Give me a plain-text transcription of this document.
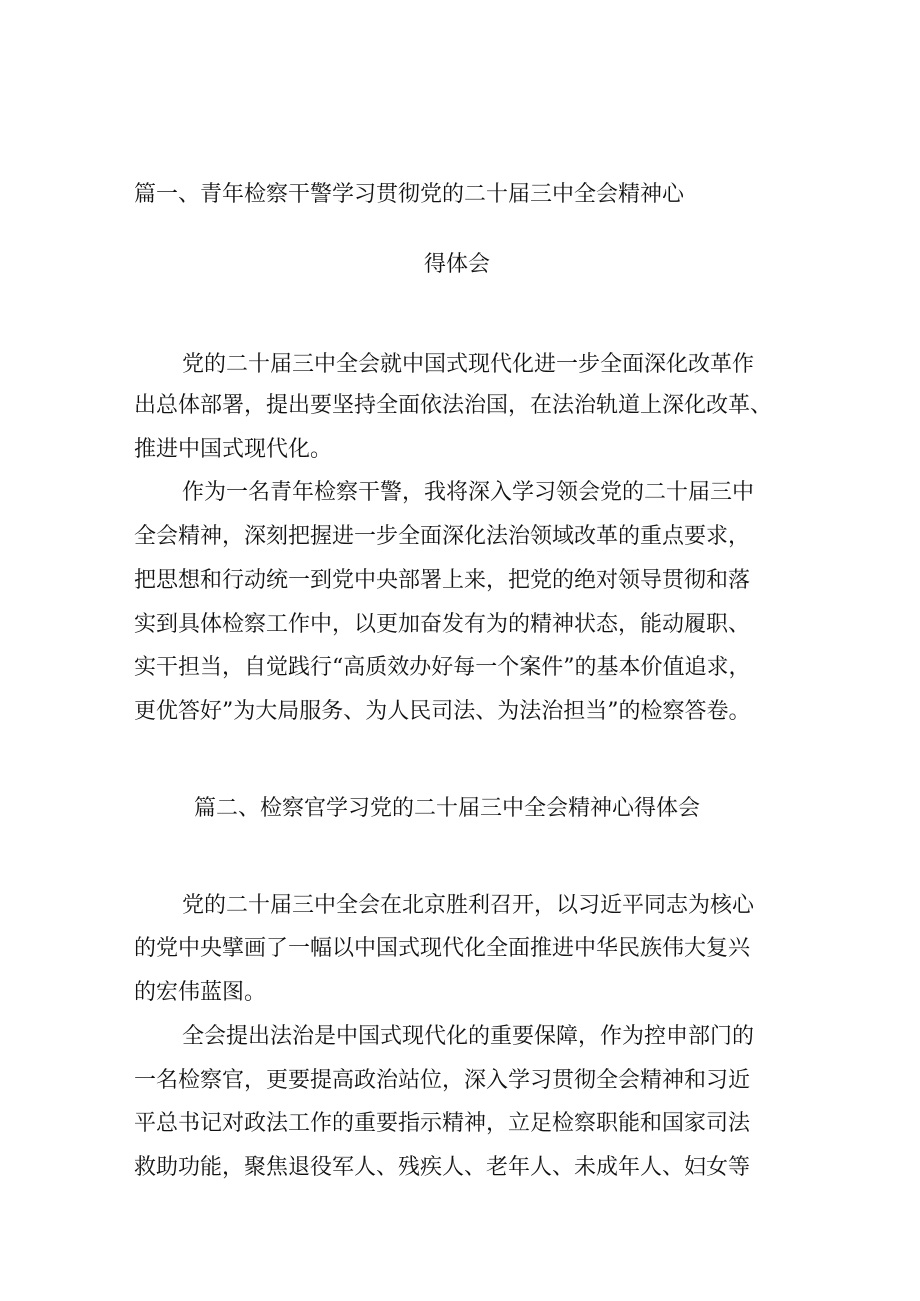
篇一、青年检察干警学习贯彻党的二十届三中全会精神心
得体会

党的二十届三中全会就中国式现代化进一步全面深化改革作

出总体部署，提出要坚持全面依法治国，在法治轨道上深化改革、

推进中国式现代化。

作为一名青年检察干警，我将深入学习领会党的二十届三中

全会精神，深刻把握进一步全面深化法治领域改革的重点要求，

把思想和行动统一到党中央部署上来，把党的绝对领导贯彻和落

实到具体检察工作中，以更加奋发有为的精神状态，能动履职、

实干担当，自觉践行“高质效办好每一个案件”的基本价值追求，

更优答好”为大局服务、为人民司法、为法治担当”的检察答卷。

篇二、检察官学习党的二十届三中全会精神心得体会

党的二十届三中全会在北京胜利召开，以习近平同志为核心

的党中央擘画了一幅以中国式现代化全面推进中华民族伟大复兴

的宏伟蓝图。

全会提出法治是中国式现代化的重要保障，作为控申部门的

一名检察官，更要提高政治站位，深入学习贯彻全会精神和习近

平总书记对政法工作的重要指示精神，立足检察职能和国家司法

救助功能，聚焦退役军人、残疾人、老年人、未成年人、妇女等
